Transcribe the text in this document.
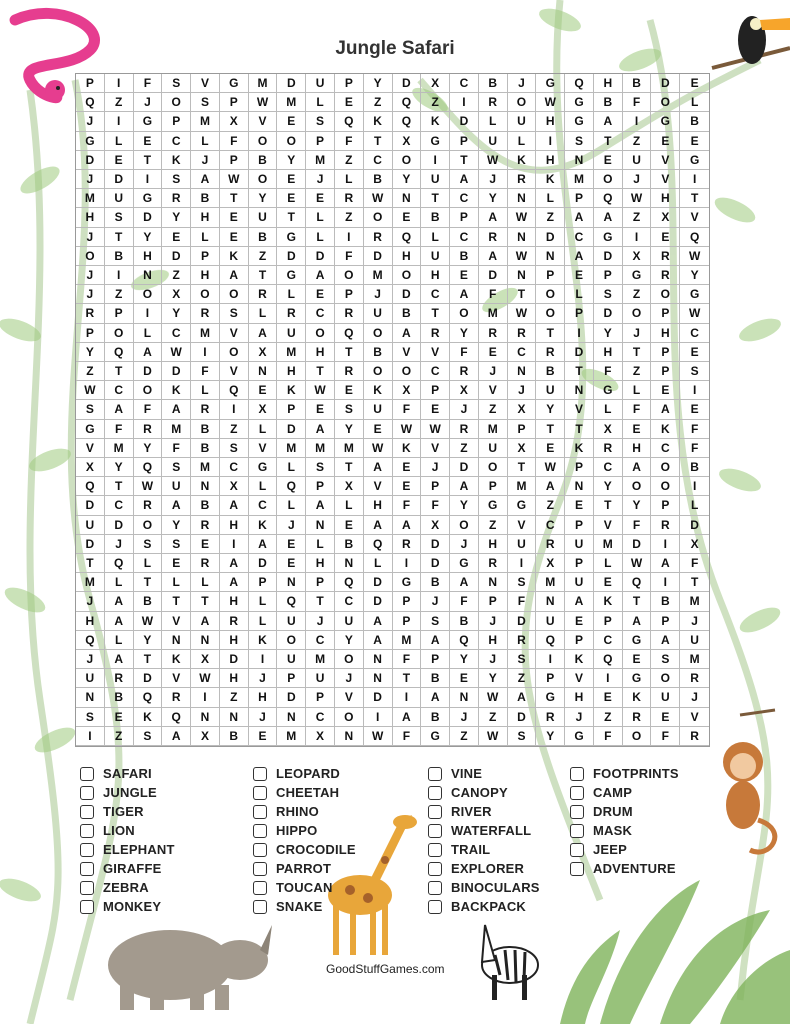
Jungle Safari
P	I	F	S	V	G	M	D	U	P	Y	D	X	C	B	J	G	Q	H	B	D	E
Q	Z	J	O	S	P	W	M	L	E	Z	Q	Z	I	R	O	W	G	B	F	O	L
J	I	G	P	M	X	V	E	S	Q	K	Q	K	D	L	U	H	G	A	I	G	B
G	L	E	C	L	F	O	O	P	F	T	X	G	P	U	L	I	S	T	Z	E	E
D	E	T	K	J	P	B	Y	M	Z	C	O	I	T	W	K	H	N	E	U	V	G
J	D	I	S	A	W	O	E	J	L	B	Y	U	A	J	R	K	M	O	J	V	I
M	U	G	R	B	T	Y	E	E	R	W	N	T	C	Y	N	L	P	Q	W	H	T
H	S	D	Y	H	E	U	T	L	Z	O	E	B	P	A	W	Z	A	A	Z	X	V
J	T	Y	E	L	E	B	G	L	I	R	Q	L	C	R	N	D	C	G	I	E	Q
O	B	H	D	P	K	Z	D	D	F	D	H	U	B	A	W	N	A	D	X	R	W
J	I	N	Z	H	A	T	G	A	O	M	O	H	E	D	N	P	E	P	G	R	Y
J	Z	O	X	O	O	R	L	E	P	J	D	C	A	F	T	O	L	S	Z	O	G
R	P	I	Y	R	S	L	R	C	R	U	B	T	O	M	W	O	P	D	O	P	W
P	O	L	C	M	V	A	U	O	Q	O	A	R	Y	R	R	T	I	Y	J	H	C
Y	Q	A	W	I	O	X	M	H	T	B	V	V	F	E	C	R	D	H	T	P	E
Z	T	D	D	F	V	N	H	T	R	O	O	C	R	J	N	B	T	F	Z	P	S
W	C	O	K	L	Q	E	K	W	E	K	X	P	X	V	J	U	N	G	L	E	I
S	A	F	A	R	I	X	P	E	S	U	F	E	J	Z	X	Y	V	L	F	A	E
G	F	R	M	B	Z	L	D	A	Y	E	W	W	R	M	P	T	T	X	E	K	F
V	M	Y	F	B	S	V	M	M	M	W	K	V	Z	U	X	E	K	R	H	C	F
X	Y	Q	S	M	C	G	L	S	T	A	E	J	D	O	T	W	P	C	A	O	B
Q	T	W	U	N	X	L	Q	P	X	V	E	P	A	P	M	A	N	Y	O	O	I
D	C	R	A	B	A	C	L	A	L	H	F	F	Y	G	G	Z	E	T	Y	P	L
U	D	O	Y	R	H	K	J	N	E	A	A	X	O	Z	V	C	P	V	F	R	D
D	J	S	S	E	I	A	E	L	B	Q	R	D	J	H	U	R	U	M	D	I	X
T	Q	L	E	R	A	D	E	H	N	L	I	D	G	R	I	X	P	L	W	A	F
M	L	T	L	L	A	P	N	P	Q	D	G	B	A	N	S	M	U	E	Q	I	T
J	A	B	T	T	H	L	Q	T	C	D	P	J	F	P	F	N	A	K	T	B	M
H	A	W	V	A	R	L	U	J	U	A	P	S	B	J	D	U	E	P	A	P	J
Q	L	Y	N	N	H	K	O	C	Y	A	M	A	Q	H	R	Q	P	C	G	A	U
J	A	T	K	X	D	I	U	M	O	N	F	P	Y	J	S	I	K	Q	E	S	M
U	R	D	V	W	H	J	P	U	J	N	T	B	E	Y	Z	P	V	I	G	O	R
N	B	Q	R	I	Z	H	D	P	V	D	I	A	N	W	A	G	H	E	K	U	J
S	E	K	Q	N	N	J	N	C	O	I	A	B	J	Z	D	R	J	Z	R	E	V
I	Z	S	A	X	B	E	M	X	N	W	F	G	Z	W	S	Y	G	F	O	F	R
SAFARI
JUNGLE
TIGER
LION
ELEPHANT
GIRAFFE
ZEBRA
MONKEY
LEOPARD
CHEETAH
RHINO
HIPPO
CROCODILE
PARROT
TOUCAN
SNAKE
VINE
CANOPY
RIVER
WATERFALL
TRAIL
EXPLORER
BINOCULARS
BACKPACK
FOOTPRINTS
CAMP
DRUM
MASK
JEEP
ADVENTURE
GoodStuffGames.com
